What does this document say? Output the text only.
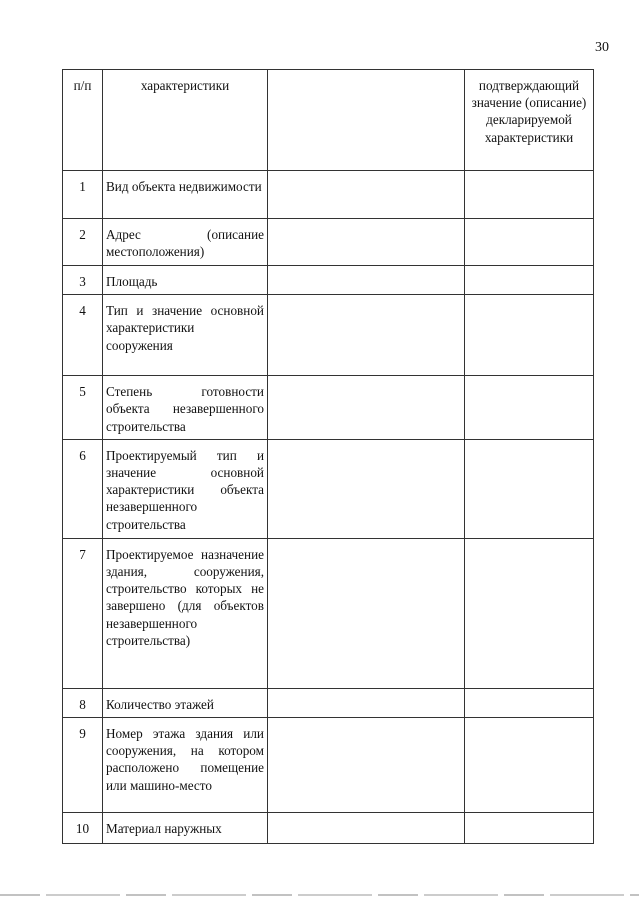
30
п/п	характеристики		подтверждающий значение (описание) декларируемой характеристики
1	Вид объекта недвижимости		
2	Адрес (описание местоположения)		
3	Площадь		
4	Тип и значение основной характеристики сооружения		
5	Степень готовности объекта незавершенного строительства		
6	Проектируемый тип и значение основной характеристики объекта незавершенного строительства		
7	Проектируемое назначение здания, сооружения, строительство которых не завершено (для объектов незавершенного строительства)		
8	Количество этажей		
9	Номер этажа здания или сооружения, на котором расположено помещение или машино-место		
10	Материал наружных		
